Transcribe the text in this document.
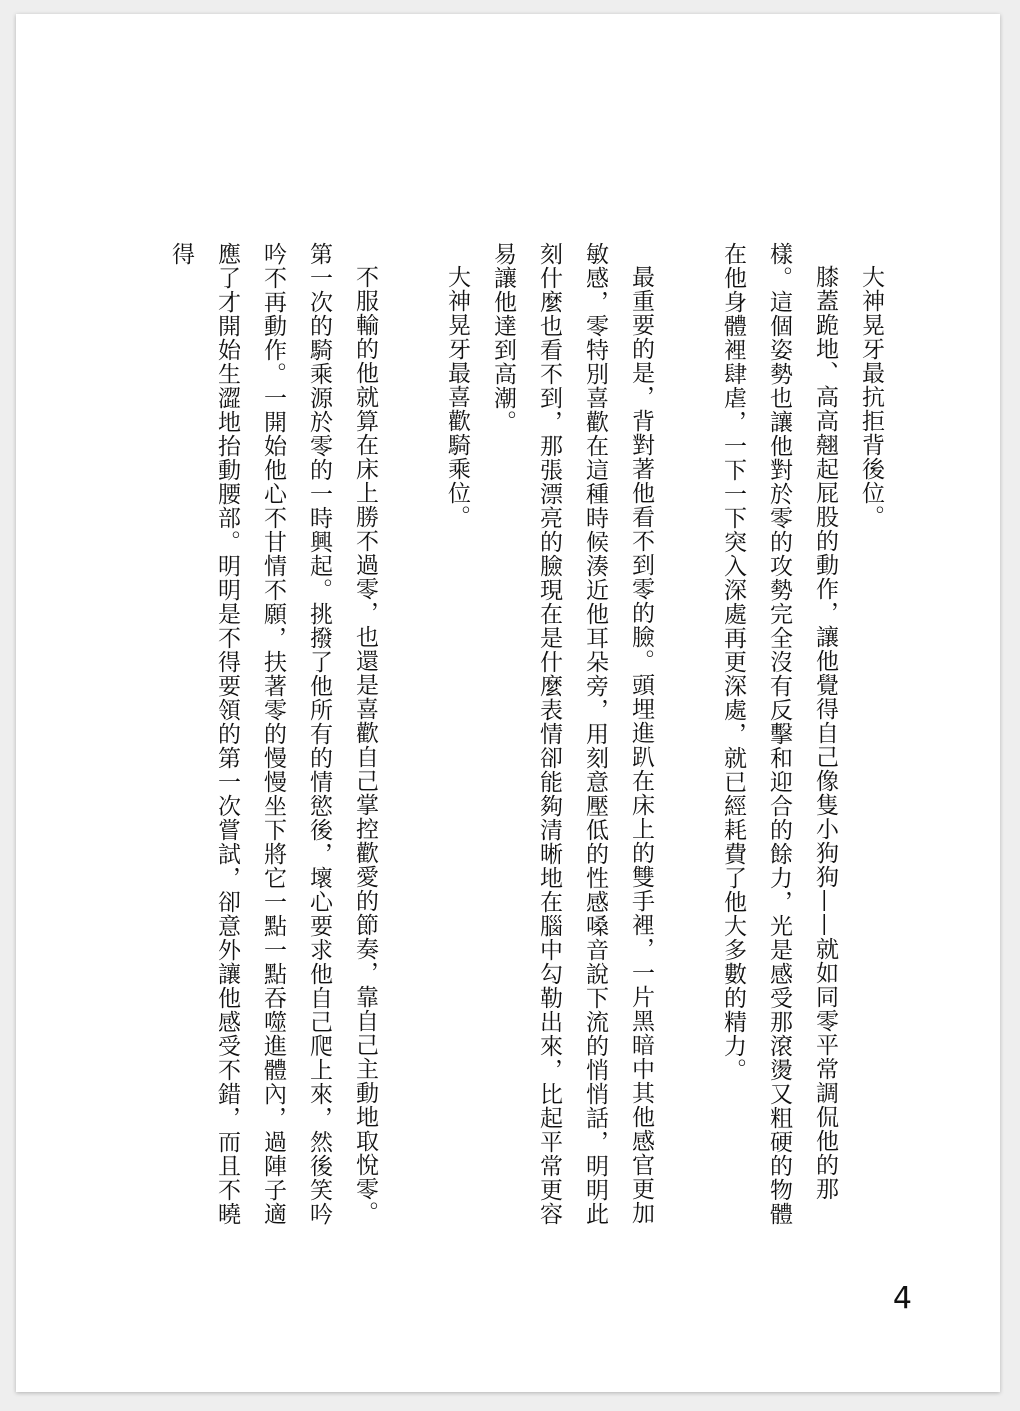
大神晃牙最抗拒背後位。

膝蓋跪地、高高翹起屁股的動作，讓他覺得自己像隻小狗狗——就如同零平常調侃他的那樣。這個姿勢也讓他對於零的攻勢完全沒有反擊和迎合的餘力，光是感受那滾燙又粗硬的物體在他身體裡肆虐，一下一下突入深處再更深處，就已經耗費了他大多數的精力。

最重要的是，背對著他看不到零的臉。頭埋進趴在床上的雙手裡，一片黑暗中其他感官更加敏感，零特別喜歡在這種時候湊近他耳朵旁，用刻意壓低的性感嗓音說下流的悄悄話，明明此刻什麼也看不到，那張漂亮的臉現在是什麼表情卻能夠清晰地在腦中勾勒出來，比起平常更容易讓他達到高潮。

大神晃牙最喜歡騎乘位。

不服輸的他就算在床上勝不過零，也還是喜歡自己掌控歡愛的節奏，靠自己主動地取悅零。第一次的騎乘源於零的一時興起。挑撥了他所有的情慾後，壞心要求他自己爬上來，然後笑吟吟不再動作。一開始他心不甘情不願，扶著零的慢慢坐下將它一點一點吞噬進體內，過陣子適應了才開始生澀地抬動腰部。明明是不得要領的第一次嘗試，卻意外讓他感受不錯，而且不曉得

4
